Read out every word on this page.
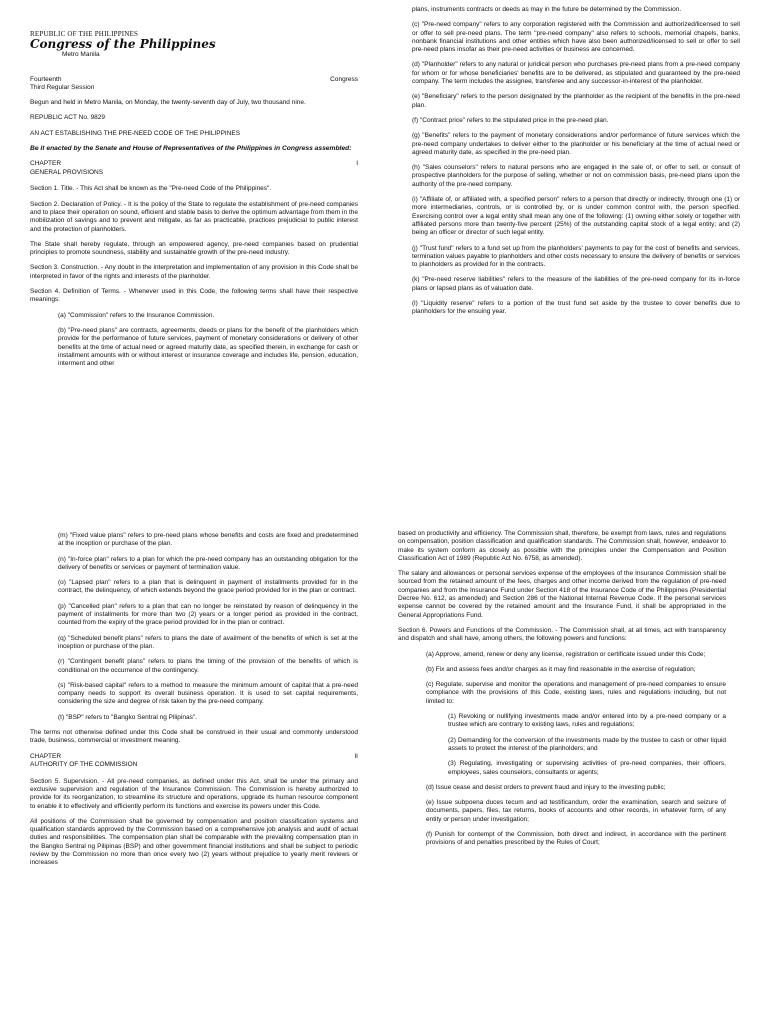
REPUBLIC OF THE PHILIPPINES
Congress of the Philippines

Metro Manila

Fourteenth	Congress

Third Regular Session

Begun and held in Metro Manila, on Monday, the twenty-seventh day of July, two thousand nine.

REPUBLIC ACT No. 9829

AN ACT ESTABLISHING THE PRE-NEED CODE OF THE PHILIPPINES

Be it enacted by the Senate and House of Representatives of the Philippines in Congress assembled:

CHAPTER	I
GENERAL PROVISIONS

Section 1. Title. - This Act shall be known as the "Pre-need Code of the Philippines".

Section 2. Declaration of Policy. - It is the policy of the State to regulate the establishment of pre-need companies and to place their operation on sound, efficient and stable basis to derive the optimum advantage from them in the mobilization of savings and to prevent and mitigate, as far as practicable, practices prejudicial to public interest and the protection of planholders.

The State shall hereby regulate, through an empowered agency, pre-need companies based on prudential principles to promote soundness, stability and sustainable growth of the pre-need industry.

Section 3. Construction. - Any doubt in the interpretation and implementation of any provision in this Code shall be interpreted in favor of the rights and interests of the planholder.

Section 4. Definition of Terms. - Whenever used in this Code, the following terms shall have their respective meanings:

(a) "Commission" refers to the Insurance Commission.

(b) "Pre-need plans" are contracts, agreements, deeds or plans for the benefit of the planholders which provide for the performance of future services, payment of monetary considerations or delivery of other benefits at the time of actual need or agreed maturity date, as specified therein, in exchange for cash or installment amounts with or without interest or insurance coverage and includes life, pension, education, interment and other

plans, instruments contracts or deeds as may in the future be determined by the Commission.

(c) "Pre-need company" refers to any corporation registered with the Commission and authorized/licensed to sell or offer to sell pre-need plans. The term "pre-need company" also refers to schools, memorial chapels, banks, nonbank financial institutions and other entities which have also been authorized/licensed to sell or offer to sell pre-need plans insofar as their pre-need activities or business are concerned.

(d) "Planholder" refers to any natural or juridical person who purchases pre-need plans from a pre-need company for whom or for whose beneficiaries' benefits are to be delivered, as stipulated and guaranteed by the pre-need company. The term includes the assignee, transferee and any successor-in-interest of the planholder.

(e) "Beneficiary" refers to the person designated by the planholder as the recipient of the benefits in the pre-need plan.

(f) "Contract price" refers to the stipulated price in the pre-need plan.

(g) "Benefits" refers to the payment of monetary considerations and/or performance of future services which the pre-need company undertakes to deliver either to the planholder or his beneficiary at the time of actual need or agreed maturity date, as specified in the pre-need plan.

(h) "Sales counselors" refers to natural persons who are engaged in the sale of, or offer to sell, or consult of prospective planholders for the purpose of selling, whether or not on commission basis, pre-need plans upon the authority of the pre-need company.

(i) "Affiliate of, or affiliated with, a specified person" refers to a person that directly or indirectly, through one (1) or more intermediaries, controls, or is controlled by, or is under common control with, the person specified. Exercising control over a legal entity shall mean any one of the following: (1) owning either solely or together with affiliated persons more than twenty-five percent (25%) of the outstanding capital stock of a legal entity; and (2) being an officer or director of such legal entity.

(j) "Trust fund" refers to a fund set up from the planholders' payments to pay for the cost of benefits and services, termination values payable to planholders and other costs necessary to ensure the delivery of benefits or services to planholders as provided for in the contracts.

(k) "Pre-need reserve liabilities" refers to the measure of the liabilities of the pre-need company for its in-force plans or lapsed plans as of valuation date.

(l) "Liquidity reserve" refers to a portion of the trust fund set aside by the trustee to cover benefits due to planholders for the ensuing year.

(m) "Fixed value plans" refers to pre-need plans whose benefits and costs are fixed and predetermined at the inception or purchase of the plan.

(n) "In-force plan" refers to a plan for which the pre-need company has an outstanding obligation for the delivery of benefits or services or payment of termination value.

(o) "Lapsed plan" refers to a plan that is delinquent in payment of installments provided for in the contract, the delinquency, of which extends beyond the grace period provided for in the plan or contract.

(p) "Cancelled plan" refers to a plan that can no longer be reinstated by reason of delinquency in the payment of installments for more than two (2) years or a longer period as provided in the contract, counted from the expiry of the grace period provided for in the plan or contract.

(q) "Scheduled benefit plans" refers to plans the date of availment of the benefits of which is set at the inception or purchase of the plan.

(r) "Contingent benefit plans" refers to plans the timing of the provision of the benefits of which is conditional on the occurrence of the contingency.

(s) "Risk-based capital" refers to a method to measure the minimum amount of capital that a pre-need company needs to support its overall business operation. It is used to set capital requirements, considering the size and degree of risk taken by the pre-need company.

(t) "BSP" refers to "Bangko Sentral ng Pilipinas".

The terms not otherwise defined under this Code shall be construed in their usual and commonly understood trade, business, commercial or investment meaning.

CHAPTER	II
AUTHORITY OF THE COMMISSION

Section 5. Supervision. - All pre-need companies, as defined under this Act, shall be under the primary and exclusive supervision and regulation of the Insurance Commission. The Commission is hereby authorized to provide for its reorganization, to streamline its structure and operations, upgrade its human resource component to enable it to effectively and efficiently perform its functions and exercise its powers under this Code.

All positions of the Commission shall be governed by compensation and position classification systems and qualification standards approved by the Commission based on a comprehensive job analysis and audit of actual duties and responsibilities. The compensation plan shall be comparable with the prevailing compensation plan in the Bangko Sentral ng Pilipinas (BSP) and other government financial institutions and shall be subject to periodic review by the Commission no more than once every two (2) years without prejudice to yearly merit reviews or increases

based on productivity and efficiency. The Commission shall, therefore, be exempt from laws, rules and regulations on compensation, position classification and qualification standards. The Commission shall, however, endeavor to make its system conform as closely as possible with the principles under the Compensation and Position Classification Act of 1989 (Republic Act No. 6758, as amended).

The salary and allowances or personal services expense of the employees of the Insurance Commission shall be sourced from the retained amount of the fees, charges and other income derived from the regulation of pre-need companies and from the Insurance Fund under Section 418 of the Insurance Code of the Philippines (Presidential Decree No. 612, as amended) and Section 286 of the National Internal Revenue Code. If the personal services expense cannot be covered by the retained amount and the Insurance Fund, it shall be appropriated in the General Appropriations Fund.

Section 6. Powers and Functions of the Commission. - The Commission shall, at all times, act with transparency and dispatch and shall have, among others, the following powers and functions:

(a) Approve, amend, renew or deny any license, registration or certificate issued under this Code;

(b) Fix and assess fees and/or charges as it may find reasonable in the exercise of regulation;

(c) Regulate, supervise and monitor the operations and management of pre-need companies to ensure compliance with the provisions of this Code, existing laws, rules and regulations including, but not limited to:

(1) Revoking or nullifying investments made and/or entered into by a pre-need company or a trustee which are contrary to existing laws, rules and regulations;

(2) Demanding for the conversion of the investments made by the trustee to cash or other liquid assets to protect the interest of the planholders; and

(3) Regulating, investigating or supervising activities of pre-need companies, their officers, employees, sales counselors, consultants or agents;

(d) Issue cease and desist orders to prevent fraud and injury to the investing public;

(e) Issue subpoena duces tecum and ad testificandum, order the examination, search and seizure of documents, papers, files, tax returns, books of accounts and other records, in whatever form, of any entity or person under investigation;

(f) Punish for contempt of the Commission, both direct and indirect, in accordance with the pertinent provisions of and penalties prescribed by the Rules of Court;
